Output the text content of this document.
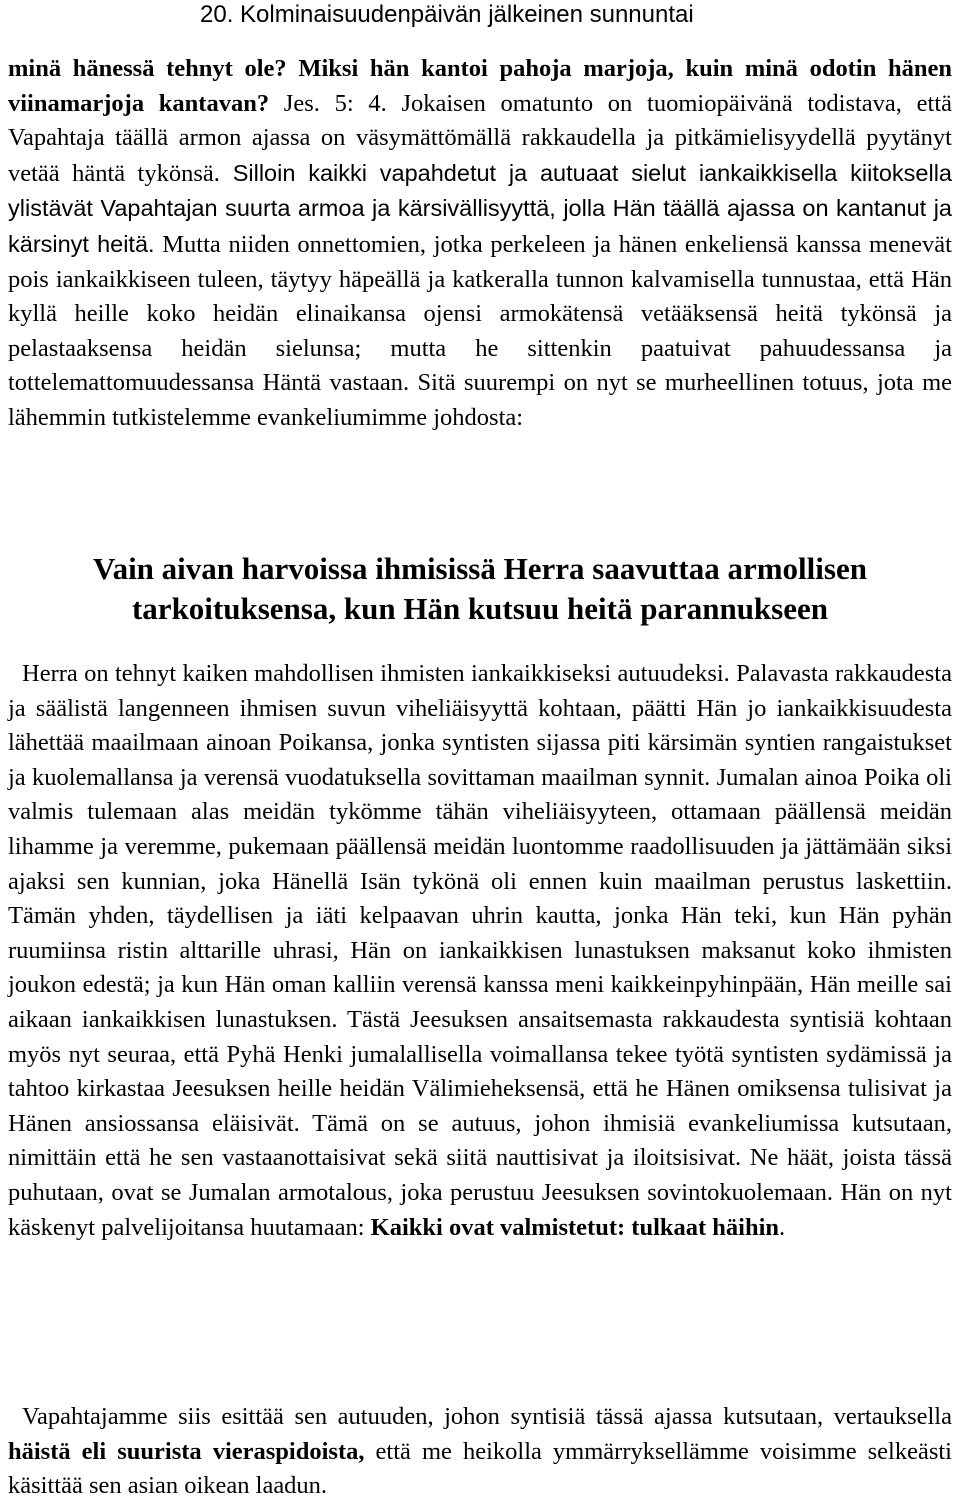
20. Kolminaisuudenpäivän jälkeinen sunnuntai

minä hänessä tehnyt ole? Miksi hän kantoi pahoja marjoja, kuin minä odotin hänen viinamarjoja kantavan? Jes. 5: 4. Jokaisen omatunto on tuomiopäivänä todistava, että Vapahtaja täällä armon ajassa on väsymättömällä rakkaudella ja pitkämielisyydellä pyytänyt vetää häntä tykönsä. Silloin kaikki vapahdetut ja autuaat sielut iankaikkisella kiitoksella ylistävät Vapahtajan suurta armoa ja kärsivällisyyttä, jolla Hän täällä ajassa on kantanut ja kärsinyt heitä. Mutta niiden onnettomien, jotka perkeleen ja hänen enkeliensä kanssa menevät pois iankaikkiseen tuleen, täytyy häpeällä ja katkeralla tunnon kalvamisella tunnustaa, että Hän kyllä heille koko heidän elinaikansa ojensi armokätensä vetääksensä heitä tykönsä ja pelastaaksensa heidän sielunsa; mutta he sittenkin paatuivat pahuudessansa ja tottelemattomuudessansa Häntä vastaan. Sitä suurempi on nyt se murheellinen totuus, jota me lähemmin tutkistelemme evankeliumimme johdosta:

Vain aivan harvoissa ihmisissä Herra saavuttaa armollisen tarkoituksensa, kun Hän kutsuu heitä parannukseen

Herra on tehnyt kaiken mahdollisen ihmisten iankaikkiseksi autuudeksi. Palavasta rakkaudesta ja säälistä langenneen ihmisen suvun viheliäisyyttä kohtaan, päätti Hän jo iankaikkisuudesta lähettää maailmaan ainoan Poikansa, jonka syntisten sijassa piti kärsimän syntien rangaistukset ja kuolemallansa ja verensä vuodatuksella sovittaman maailman synnit. Jumalan ainoa Poika oli valmis tulemaan alas meidän tykömme tähän viheliäisyyteen, ottamaan päällensä meidän lihamme ja veremme, pukemaan päällensä meidän luontomme raadollisuuden ja jättämään siksi ajaksi sen kunnian, joka Hänellä Isän tykönä oli ennen kuin maailman perustus laskettiin. Tämän yhden, täydellisen ja iäti kelpaavan uhrin kautta, jonka Hän teki, kun Hän pyhän ruumiinsa ristin alttarille uhrasi, Hän on iankaikkisen lunastuksen maksanut koko ihmisten joukon edestä; ja kun Hän oman kalliin verensä kanssa meni kaikkeinpyhinpään, Hän meille sai aikaan iankaikkisen lunastuksen. Tästä Jeesuksen ansaitsemasta rakkaudesta syntisiä kohtaan myös nyt seuraa, että Pyhä Henki jumalallisella voimallansa tekee työtä syntisten sydämissä ja tahtoo kirkastaa Jeesuksen heille heidän Välimieheksensä, että he Hänen omiksensa tulisivat ja Hänen ansiossansa eläisivät. Tämä on se autuus, johon ihmisiä evankeliumissa kutsutaan, nimittäin että he sen vastaanottaisivat sekä siitä nauttisivat ja iloitsisivat. Ne häät, joista tässä puhutaan, ovat se Jumalan armotalous, joka perustuu Jeesuksen sovintokuolemaan. Hän on nyt käskenyt palvelijoitansa huutamaan: Kaikki ovat valmistetut: tulkaat häihin.

Vapahtajamme siis esittää sen autuuden, johon syntisiä tässä ajassa kutsutaan, vertauksella häistä eli suurista vieraspidoista, että me heikolla ymmärryksellämme voisimme selkeästi käsittää sen asian oikean laadun.
